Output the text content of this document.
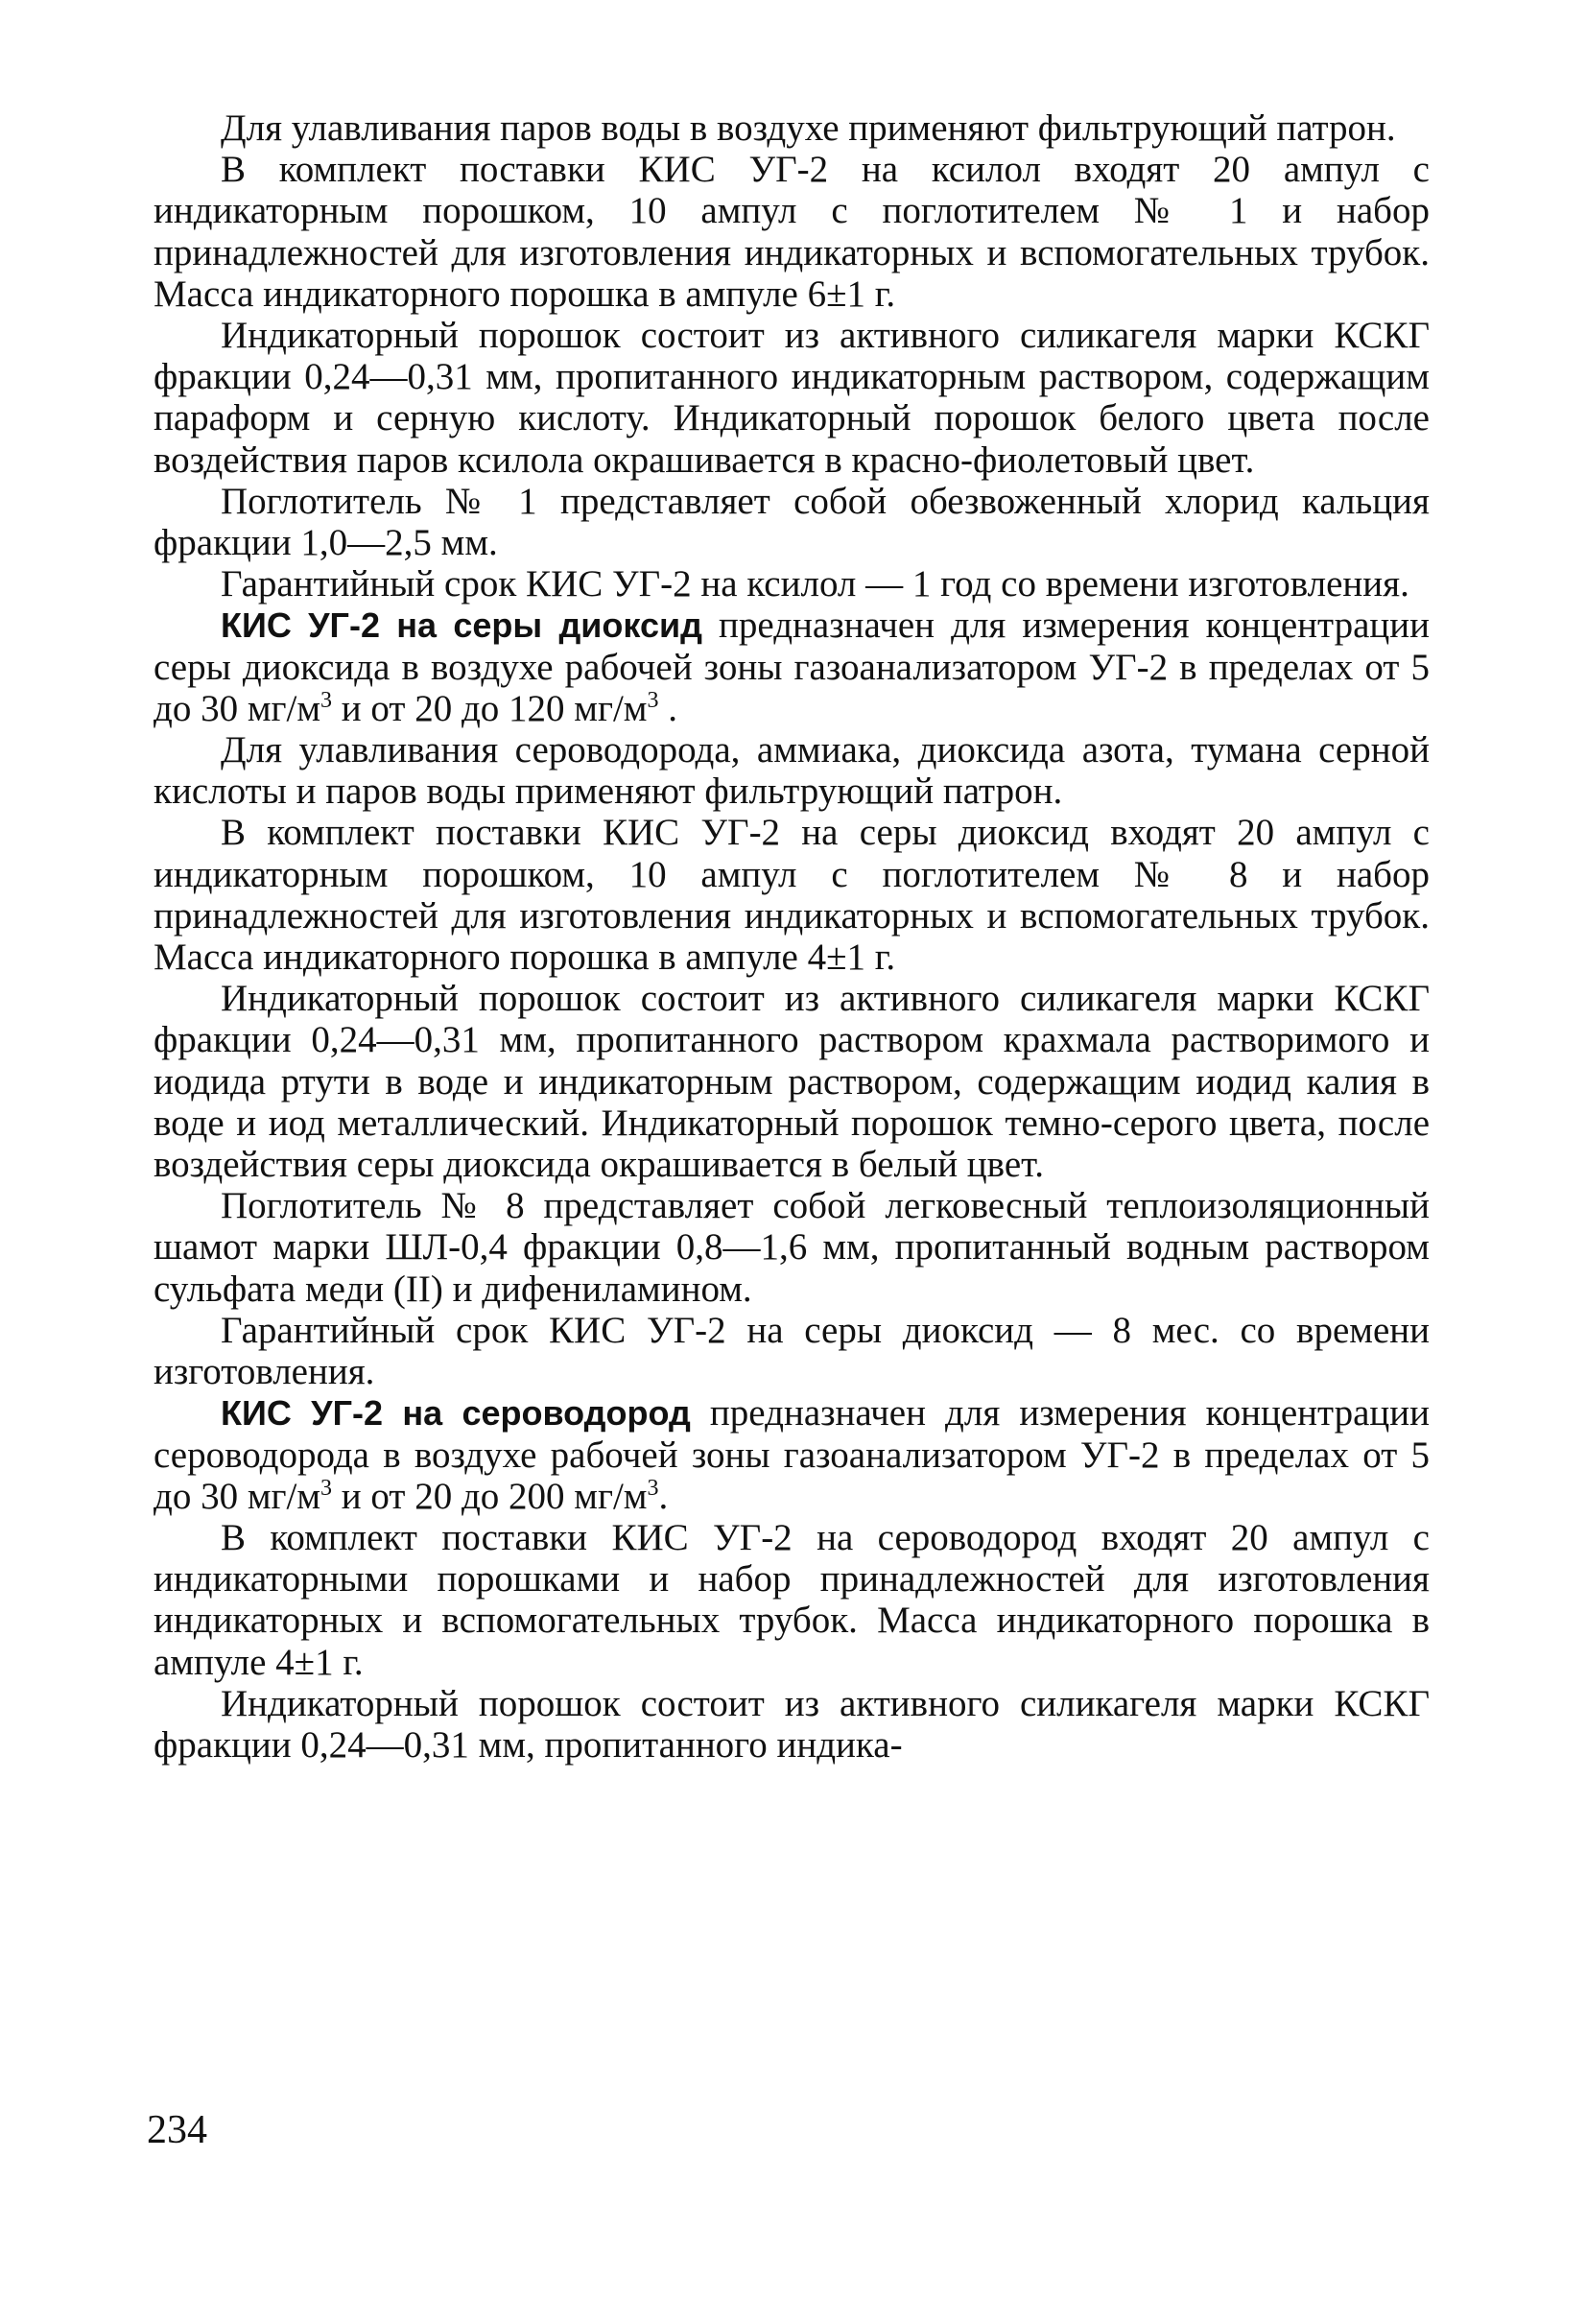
Для улавливания паров воды в воздухе применяют фильтрующий патрон.

В комплект поставки КИС УГ-2 на ксилол входят 20 ампул с индикаторным порошком, 10 ампул с поглотителем № 1 и набор принадлежностей для изготовления индикаторных и вспомогательных трубок. Масса индикаторного порошка в ампуле 6±1 г.

Индикаторный порошок состоит из активного силикагеля марки КСКГ фракции 0,24—0,31 мм, пропитанного индикаторным раствором, содержащим параформ и серную кислоту. Индикаторный порошок белого цвета после воздействия паров ксилола окрашивается в красно-фиолетовый цвет.

Поглотитель № 1 представляет собой обезвоженный хлорид кальция фракции 1,0—2,5 мм.

Гарантийный срок КИС УГ-2 на ксилол — 1 год со времени изготовления.

КИС УГ-2 на серы диоксид предназначен для измерения концентрации серы диоксида в воздухе рабочей зоны газоанализатором УГ-2 в пределах от 5 до 30 $мг/м^3$ и от 20 до 120 $мг/м^3$ .

Для улавливания сероводорода, аммиака, диоксида азота, тумана серной кислоты и паров воды применяют фильтрующий патрон.

В комплект поставки КИС УГ-2 на серы диоксид входят 20 ампул с индикаторным порошком, 10 ампул с поглотителем № 8 и набор принадлежностей для изготовления индикаторных и вспомогательных трубок. Масса индикаторного порошка в ампуле 4±1 г.

Индикаторный порошок состоит из активного силикагеля марки КСКГ фракции 0,24—0,31 мм, пропитанного раствором крахмала растворимого и иодида ртути в воде и индикаторным раствором, содержащим иодид калия в воде и иод металлический. Индикаторный порошок темно-серого цвета, после воздействия серы диоксида окрашивается в белый цвет.

Поглотитель № 8 представляет собой легковесный теплоизоляционный шамот марки ШЛ-0,4 фракции 0,8—1,6 мм, пропитанный водным раствором сульфата меди (II) и дифениламином.

Гарантийный срок КИС УГ-2 на серы диоксид — 8 мес. со времени изготовления.

КИС УГ-2 на сероводород предназначен для измерения концентрации сероводорода в воздухе рабочей зоны газоанализатором УГ-2 в пределах от 5 до 30 $мг/м^3$ и от 20 до 200 $мг/м^3$.

В комплект поставки КИС УГ-2 на сероводород входят 20 ампул с индикаторными порошками и набор принадлежностей для изготовления индикаторных и вспомогательных трубок. Масса индикаторного порошка в ампуле 4±1 г.

Индикаторный порошок состоит из активного силикагеля марки КСКГ фракции 0,24—0,31 мм, пропитанного индика-

234
